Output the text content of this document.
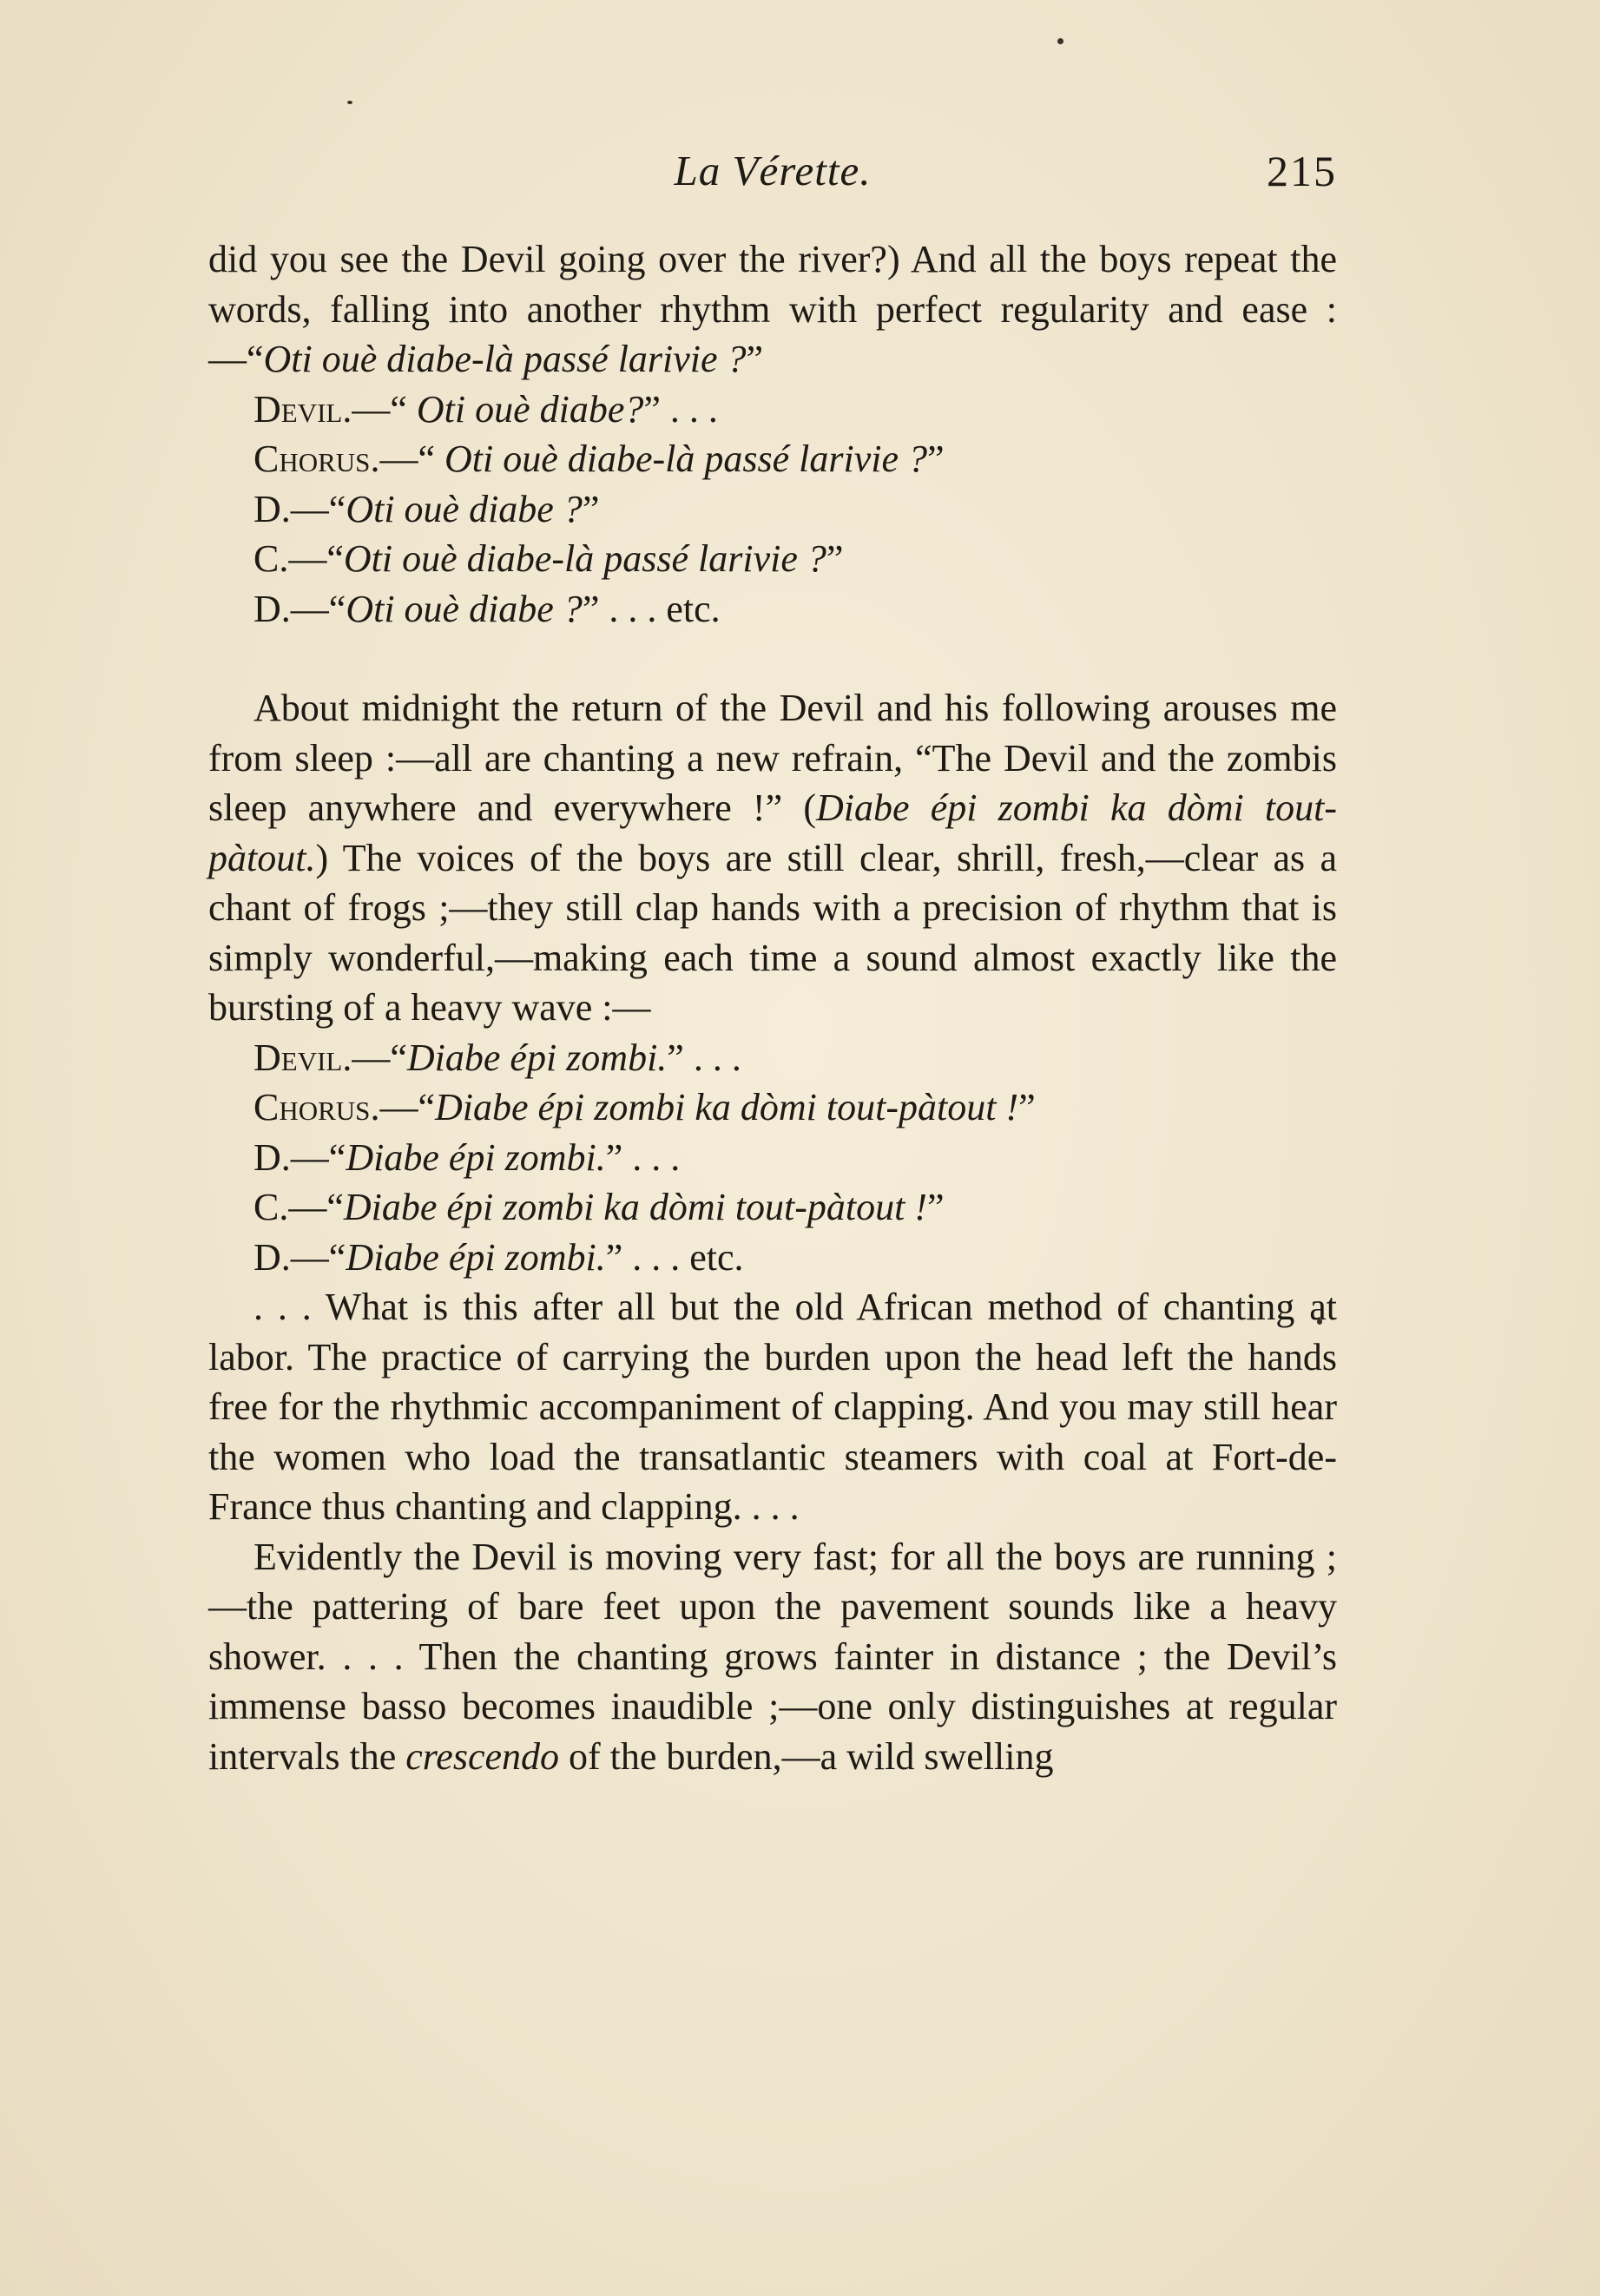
La Vérette.	215

did you see the Devil going over the river?) And all the boys repeat the words, falling into another rhythm with perfect regularity and ease :—“Oti ouè diabe-là passé larivie ?”

Devil.—“ Oti ouè diabe?” . . .
Chorus.—“ Oti ouè diabe-là passé larivie ?”
D.—“Oti ouè diabe ?”
C.—“Oti ouè diabe-là passé larivie ?”
D.—“Oti ouè diabe ?” . . . etc.

About midnight the return of the Devil and his following arouses me from sleep :—all are chanting a new refrain, “The Devil and the zombis sleep anywhere and everywhere !” (Diabe épi zombi ka dòmi tout-pàtout.) The voices of the boys are still clear, shrill, fresh,—clear as a chant of frogs ;—they still clap hands with a precision of rhythm that is simply wonderful,—making each time a sound almost exactly like the bursting of a heavy wave :—

Devil.—“Diabe épi zombi.” . . .
Chorus.—“Diabe épi zombi ka dòmi tout-pàtout !”
D.—“Diabe épi zombi.” . . .
C.—“Diabe épi zombi ka dòmi tout-pàtout !”
D.—“Diabe épi zombi.” . . . etc.

. . . What is this after all but the old African method of chanting at labor. The practice of carrying the burden upon the head left the hands free for the rhythmic accompaniment of clapping. And you may still hear the women who load the transatlantic steamers with coal at Fort-de-France thus chanting and clapping. . . .

Evidently the Devil is moving very fast; for all the boys are running ;—the pattering of bare feet upon the pavement sounds like a heavy shower. . . . Then the chanting grows fainter in distance ; the Devil’s immense basso becomes inaudible ;—one only distinguishes at regular intervals the crescendo of the burden,—a wild swelling
